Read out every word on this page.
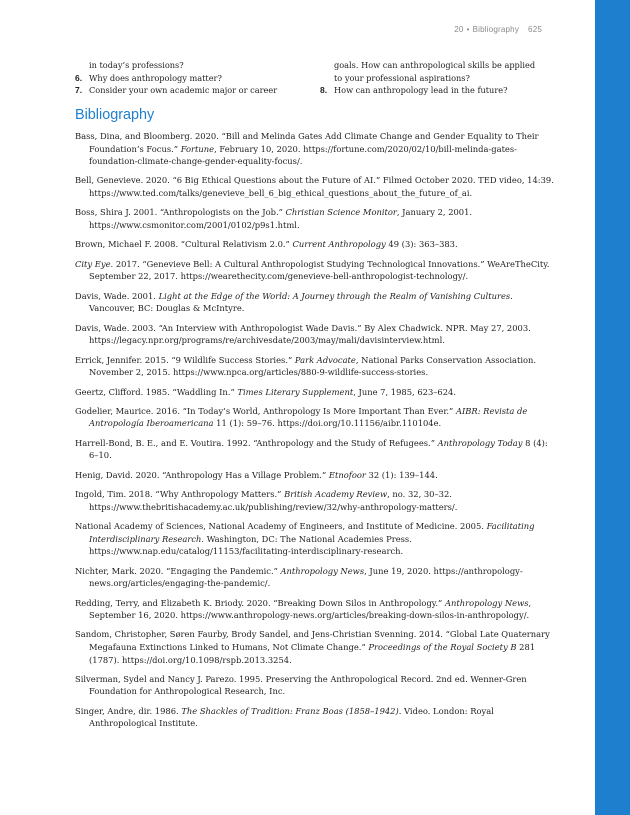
20 • Bibliography 625
in today’s professions?
6. Why does anthropology matter?
7. Consider your own academic major or career
goals. How can anthropological skills be applied
to your professional aspirations?
8. How can anthropology lead in the future?
Bibliography

Bass, Dina, and Bloomberg. 2020. “Bill and Melinda Gates Add Climate Change and Gender Equality to Their Foundation’s Focus.” Fortune, February 10, 2020. https://fortune.com/2020/02/10/bill-melinda-gates-foundation-climate-change-gender-equality-focus/.

Bell, Genevieve. 2020. “6 Big Ethical Questions about the Future of AI.” Filmed October 2020. TED video, 14:39. https://www.ted.com/talks/genevieve_bell_6_big_ethical_questions_about_the_future_of_ai.

Boss, Shira J. 2001. “Anthropologists on the Job.” Christian Science Monitor, January 2, 2001. https://www.csmonitor.com/2001/0102/p9s1.html.

Brown, Michael F. 2008. “Cultural Relativism 2.0.” Current Anthropology 49 (3): 363–383.

City Eye. 2017. “Genevieve Bell: A Cultural Anthropologist Studying Technological Innovations.” WeAreTheCity. September 22, 2017. https://wearethecity.com/genevieve-bell-anthropologist-technology/.

Davis, Wade. 2001. Light at the Edge of the World: A Journey through the Realm of Vanishing Cultures. Vancouver, BC: Douglas & McIntyre.

Davis, Wade. 2003. “An Interview with Anthropologist Wade Davis.” By Alex Chadwick. NPR. May 27, 2003. https://legacy.npr.org/programs/re/archivesdate/2003/may/mali/davisinterview.html.

Errick, Jennifer. 2015. “9 Wildlife Success Stories.” Park Advocate, National Parks Conservation Association. November 2, 2015. https://www.npca.org/articles/880-9-wildlife-success-stories.

Geertz, Clifford. 1985. “Waddling In.” Times Literary Supplement, June 7, 1985, 623–624.

Godelier, Maurice. 2016. “In Today’s World, Anthropology Is More Important Than Ever.” AIBR: Revista de Antropología Iberoamericana 11 (1): 59–76. https://doi.org/10.11156/aibr.110104e.

Harrell-Bond, B. E., and E. Voutira. 1992. “Anthropology and the Study of Refugees.” Anthropology Today 8 (4): 6–10.

Henig, David. 2020. “Anthropology Has a Village Problem.” Etnofoor 32 (1): 139–144.

Ingold, Tim. 2018. “Why Anthropology Matters.” British Academy Review, no. 32, 30–32. https://www.thebritishacademy.ac.uk/publishing/review/32/why-anthropology-matters/.

National Academy of Sciences, National Academy of Engineers, and Institute of Medicine. 2005. Facilitating Interdisciplinary Research. Washington, DC: The National Academies Press. https://www.nap.edu/catalog/11153/facilitating-interdisciplinary-research.

Nichter, Mark. 2020. “Engaging the Pandemic.” Anthropology News, June 19, 2020. https://anthropology-news.org/articles/engaging-the-pandemic/.

Redding, Terry, and Elizabeth K. Briody. 2020. “Breaking Down Silos in Anthropology.” Anthropology News, September 16, 2020. https://www.anthropology-news.org/articles/breaking-down-silos-in-anthropology/.

Sandom, Christopher, Søren Faurby, Brody Sandel, and Jens-Christian Svenning. 2014. “Global Late Quaternary Megafauna Extinctions Linked to Humans, Not Climate Change.” Proceedings of the Royal Society B 281 (1787). https://doi.org/10.1098/rspb.2013.3254.

Silverman, Sydel and Nancy J. Parezo. 1995. Preserving the Anthropological Record. 2nd ed. Wenner-Gren Foundation for Anthropological Research, Inc.

Singer, Andre, dir. 1986. The Shackles of Tradition: Franz Boas (1858–1942). Video. London: Royal Anthropological Institute.
